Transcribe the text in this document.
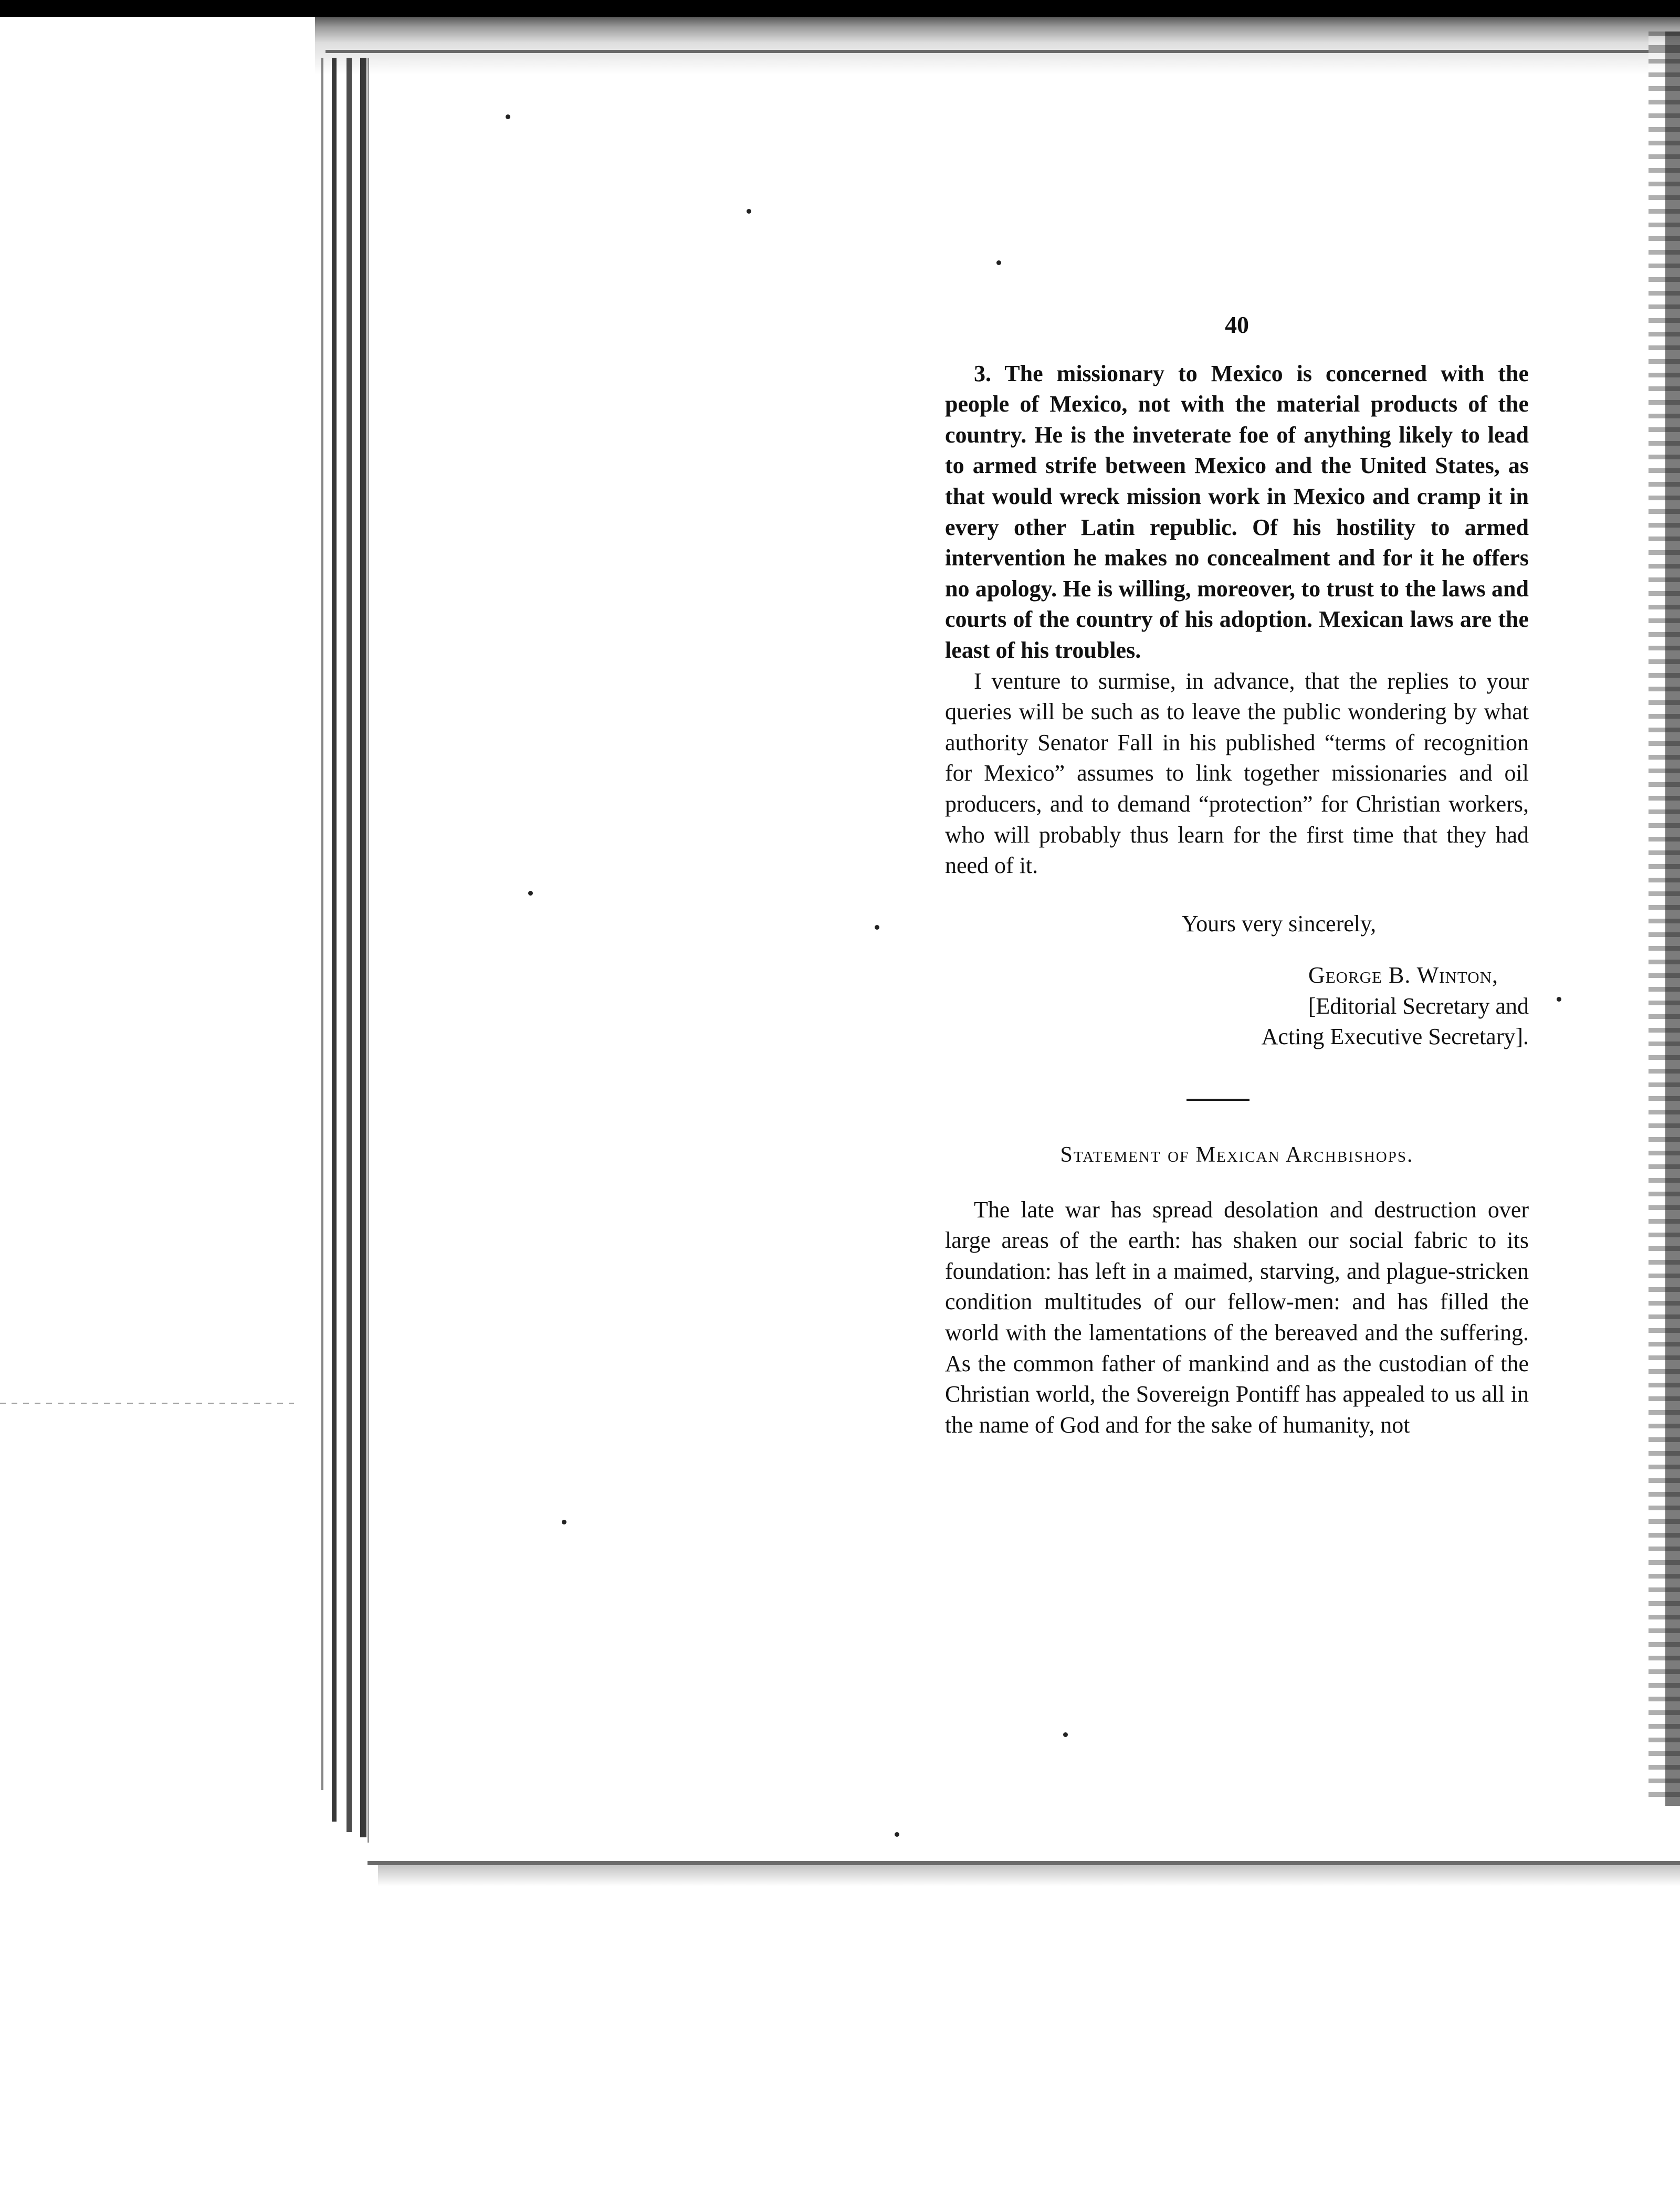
40

3. The missionary to Mexico is concerned with the people of Mexico, not with the material products of the country. He is the inveterate foe of anything likely to lead to armed strife between Mexico and the United States, as that would wreck mission work in Mexico and cramp it in every other Latin republic. Of his hostility to armed intervention he makes no concealment and for it he offers no apology. He is willing, moreover, to trust to the laws and courts of the country of his adoption. Mexican laws are the least of his troubles.

I venture to surmise, in advance, that the replies to your queries will be such as to leave the public wondering by what authority Senator Fall in his published “terms of recognition for Mexico” assumes to link together missionaries and oil producers, and to demand “protection” for Christian workers, who will probably thus learn for the first time that they had need of it.

Yours very sincerely,
George B. Winton,
[Editorial Secretary and
Acting Executive Secretary].
Statement of Mexican Archbishops.

The late war has spread desolation and destruction over large areas of the earth: has shaken our social fabric to its foundation: has left in a maimed, starving, and plague-stricken condition multitudes of our fellow-men: and has filled the world with the lamentations of the bereaved and the suffering. As the common father of mankind and as the custodian of the Christian world, the Sovereign Pontiff has appealed to us all in the name of God and for the sake of humanity, not
